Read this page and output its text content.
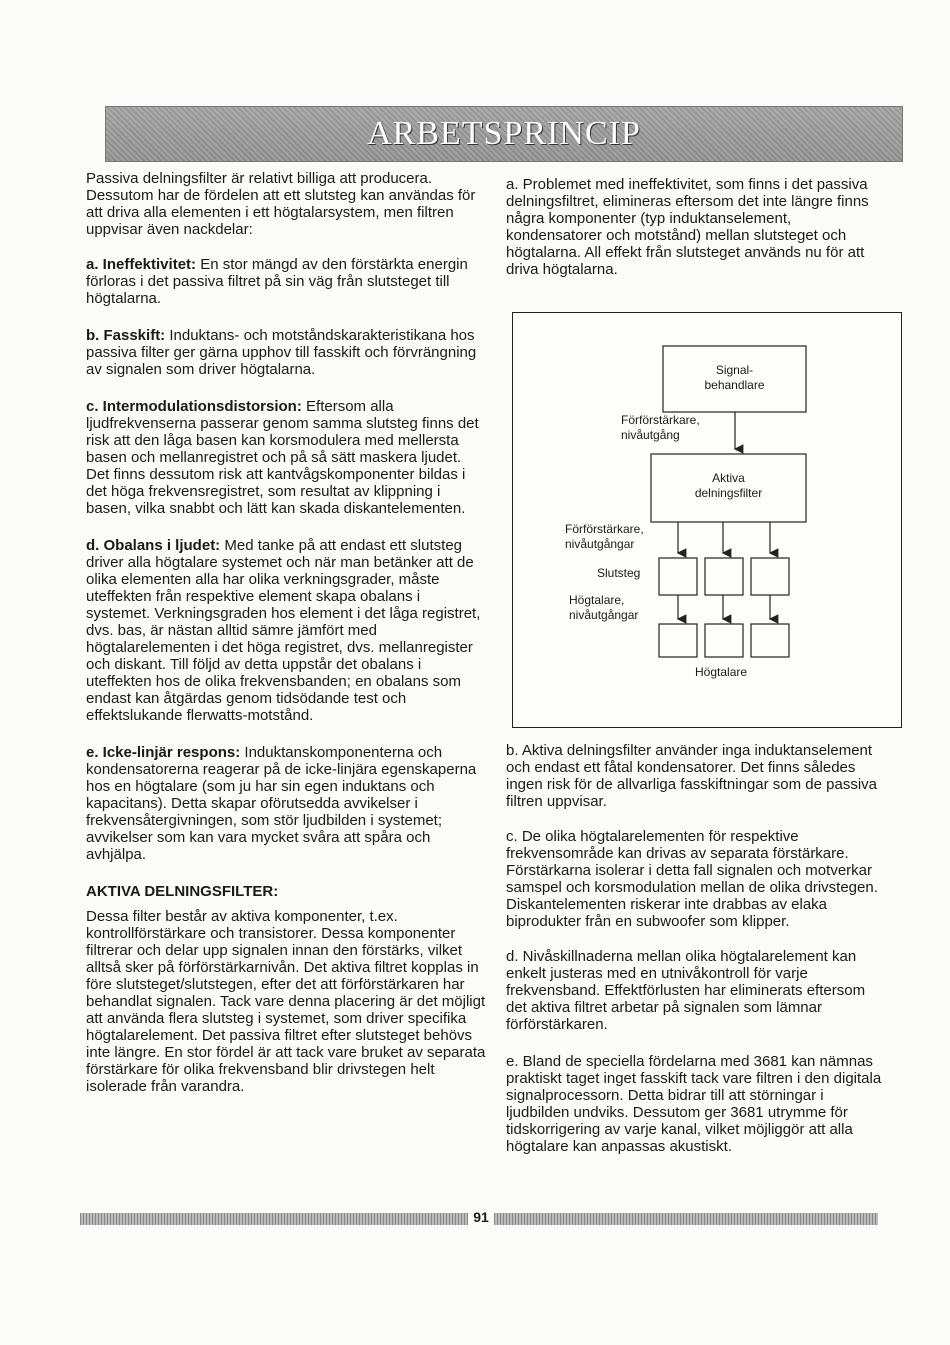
ARBETSPRINCIP

Passiva delningsfilter är relativt billiga att producera. Dessutom har de fördelen att ett slutsteg kan användas för att driva alla elementen i ett högtalarsystem, men filtren uppvisar även nackdelar:

a. Ineffektivitet: En stor mängd av den förstärkta energin förloras i det passiva filtret på sin väg från slutsteget till högtalarna.

b. Fasskift: Induktans- och motståndskarakteristikana hos passiva filter ger gärna upphov till fasskift och förvrängning av signalen som driver högtalarna.

c. Intermodulationsdistorsion: Eftersom alla ljudfrekvenserna passerar genom samma slutsteg finns det risk att den låga basen kan korsmodulera med mellersta basen och mellanregistret och på så sätt maskera ljudet. Det finns dessutom risk att kantvågskomponenter bildas i det höga frekvensregistret, som resultat av klippning i basen, vilka snabbt och lätt kan skada diskantelementen.

d. Obalans i ljudet: Med tanke på att endast ett slutsteg driver alla högtalare systemet och när man betänker att de olika elementen alla har olika verkningsgrader, måste uteffekten från respektive element skapa obalans i systemet. Verkningsgraden hos element i det låga registret, dvs. bas, är nästan alltid sämre jämfört med högtalarelementen i det höga registret, dvs. mellanregister och diskant. Till följd av detta uppstår det obalans i uteffekten hos de olika frekvensbanden; en obalans som endast kan åtgärdas genom tidsödande test och effektslukande flerwatts-motstånd.

e. Icke-linjär respons: Induktanskomponenterna och kondensatorerna reagerar på de icke-linjära egenskaperna hos en högtalare (som ju har sin egen induktans och kapacitans). Detta skapar oförutsedda avvikelser i frekvensåtergivningen, som stör ljudbilden i systemet; avvikelser som kan vara mycket svåra att spåra och avhjälpa.

AKTIVA DELNINGSFILTER:

Dessa filter består av aktiva komponenter, t.ex. kontrollförstärkare och transistorer. Dessa komponenter filtrerar och delar upp signalen innan den förstärks, vilket alltså sker på förförstärkarnivån. Det aktiva filtret kopplas in före slutsteget/slutstegen, efter det att förförstärkaren har behandlat signalen. Tack vare denna placering är det möjligt att använda flera slutsteg i systemet, som driver specifika högtalarelement. Det passiva filtret efter slutsteget behövs inte längre. En stor fördel är att tack vare bruket av separata förstärkare för olika frekvensband blir drivstegen helt isolerade från varandra.

a. Problemet med ineffektivitet, som finns i det passiva delningsfiltret, elimineras eftersom det inte längre finns några komponenter (typ induktanselement, kondensatorer och motstånd) mellan slutsteget och högtalarna. All effekt från slutsteget används nu för att driva högtalarna.

Signal-
behandlare
Förförstärkare,
nivåutgång
Aktiva
delningsfilter
Förförstärkare,
nivåutgångar
Slutsteg
Högtalare,
nivåutgångar
Högtalare

b. Aktiva delningsfilter använder inga induktanselement och endast ett fåtal kondensatorer. Det finns således ingen risk för de allvarliga fasskiftningar som de passiva filtren uppvisar.

c. De olika högtalarelementen för respektive frekvensområde kan drivas av separata förstärkare. Förstärkarna isolerar i detta fall signalen och motverkar samspel och korsmodulation mellan de olika drivstegen. Diskantelementen riskerar inte drabbas av elaka biprodukter från en subwoofer som klipper.

d. Nivåskillnaderna mellan olika högtalarelement kan enkelt justeras med en utnivåkontroll för varje frekvensband. Effektförlusten har eliminerats eftersom det aktiva filtret arbetar på signalen som lämnar förförstärkaren.

e. Bland de speciella fördelarna med 3681 kan nämnas praktiskt taget inget fasskift tack vare filtren i den digitala signalprocessorn. Detta bidrar till att störningar i ljudbilden undviks. Dessutom ger 3681 utrymme för tidskorrigering av varje kanal, vilket möjliggör att alla högtalare kan anpassas akustiskt.

91
